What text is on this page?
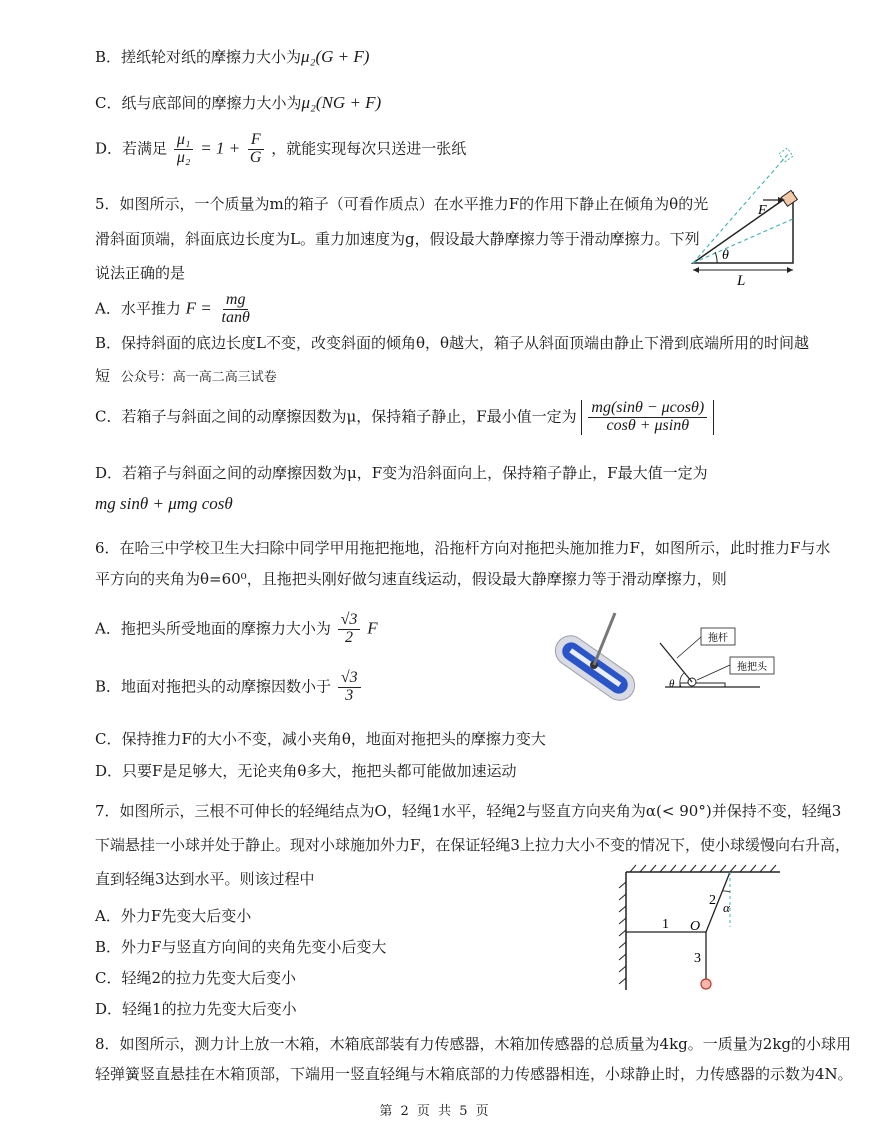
B．搓纸轮对纸的摩擦力大小为μ₂(G + F)
C．纸与底部间的摩擦力大小为μ₂(NG + F)
D．若满足 $\frac{\text{μ₁}}{\text{μ₂}} = 1 + \frac{F}{G}$ ，就能实现每次只送进一张纸
5．如图所示，一个质量为m的箱子（可看作质点）在水平推力F的作用下静止在倾角为θ的光
滑斜面顶端，斜面底边长度为L。重力加速度为g，假设最大静摩擦力等于滑动摩擦力。下列
说法正确的是
F
θ
L
A．水平推力 $F = \frac{mg}{\tan\theta}$
B．保持斜面的底边长度L不变，改变斜面的倾角θ，θ越大，箱子从斜面顶端由静止下滑到底端所用的时间越
短 公众号：高一高二高三试卷
C．若箱子与斜面之间的动摩擦因数为μ，保持箱子静止，F最小值一定为 $\frac{mg(\sin\theta - \mu\cos\theta)}{\cos\theta + \mu\sin\theta}$
D．若箱子与斜面之间的动摩擦因数为μ，F变为沿斜面向上，保持箱子静止，F最大值一定为
mg sinθ + μmg cosθ
6．在哈三中学校卫生大扫除中同学甲用拖把拖地，沿拖杆方向对拖把头施加推力F，如图所示，此时推力F与水
平方向的夹角为θ=60⁰，且拖把头刚好做匀速直线运动，假设最大静摩擦力等于滑动摩擦力，则
A．拖把头所受地面的摩擦力大小为 $\frac{√3}{2}$ F
B．地面对拖把头的动摩擦因数小于 $\frac{√3}{3}$
C．保持推力F的大小不变，减小夹角θ，地面对拖把头的摩擦力变大
D．只要F是足够大，无论夹角θ多大，拖把头都可能做加速运动
θ
拖杆
拖把头
7．如图所示，三根不可伸长的轻绳结点为O，轻绳1水平，轻绳2与竖直方向夹角为α(< 90°)并保持不变，轻绳3
下端悬挂一小球并处于静止。现对小球施加外力F，在保证轻绳3上拉力大小不变的情况下，使小球缓慢向右升高，
直到轻绳3达到水平。则该过程中
A．外力F先变大后变小
B．外力F与竖直方向间的夹角先变小后变大
C．轻绳2的拉力先变大后变小
D．轻绳1的拉力先变大后变小
1
2 α
O
3
8．如图所示，测力计上放一木箱，木箱底部装有力传感器，木箱加传感器的总质量为4kg。一质量为2kg的小球用
轻弹簧竖直悬挂在木箱顶部，下端用一竖直轻绳与木箱底部的力传感器相连，小球静止时，力传感器的示数为4N。
第 2 页 共 5 页
